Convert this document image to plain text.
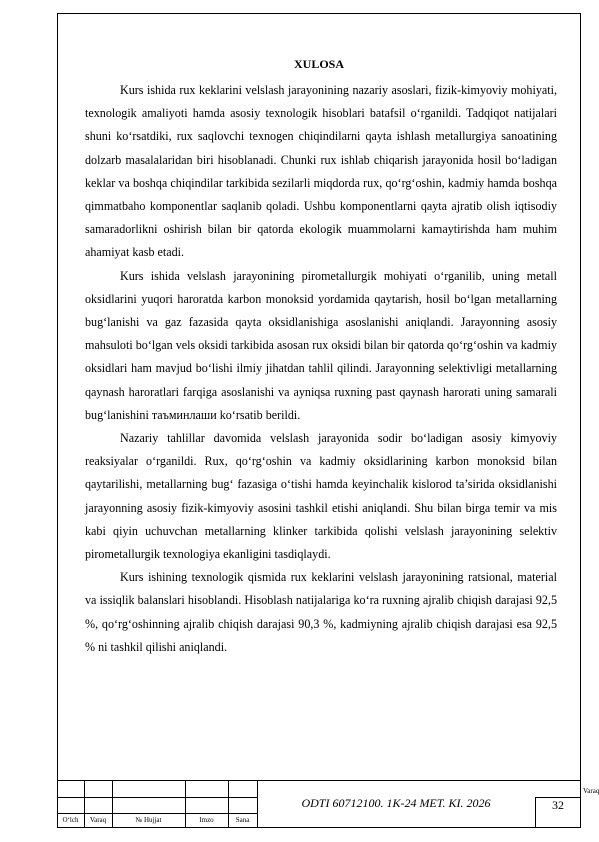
XULOSA

Kurs ishida rux keklarini velslash jarayonining nazariy asoslari, fizik-kimyoviy mohiyati, texnologik amaliyoti hamda asosiy texnologik hisoblari batafsil o‘rganildi. Tadqiqot natijalari shuni ko‘rsatdiki, rux saqlovchi texnogen chiqindilarni qayta ishlash metallurgiya sanoatining dolzarb masalalaridan biri hisoblanadi. Chunki rux ishlab chiqarish jarayonida hosil bo‘ladigan keklar va boshqa chiqindilar tarkibida sezilarli miqdorda rux, qo‘rg‘oshin, kadmiy hamda boshqa qimmatbaho komponentlar saqlanib qoladi. Ushbu komponentlarni qayta ajratib olish iqtisodiy samaradorlikni oshirish bilan bir qatorda ekologik muammolarni kamaytirishda ham muhim ahamiyat kasb etadi.

Kurs ishida velslash jarayonining pirometallurgik mohiyati o‘rganilib, uning metall oksidlarini yuqori haroratda karbon monoksid yordamida qaytarish, hosil bo‘lgan metallarning bug‘lanishi va gaz fazasida qayta oksidlanishiga asoslanishi aniqlandi. Jarayonning asosiy mahsuloti bo‘lgan vels oksidi tarkibida asosan rux oksidi bilan bir qatorda qo‘rg‘oshin va kadmiy oksidlari ham mavjud bo‘lishi ilmiy jihatdan tahlil qilindi. Jarayonning selektivligi metallarning qaynash haroratlari farqiga asoslanishi va ayniqsa ruxning past qaynash harorati uning samarali bug‘lanishini таъминлаши ko‘rsatib berildi.

Nazariy tahlillar davomida velslash jarayonida sodir bo‘ladigan asosiy kimyoviy reaksiyalar o‘rganildi. Rux, qo‘rg‘oshin va kadmiy oksidlarining karbon monoksid bilan qaytarilishi, metallarning bug‘ fazasiga o‘tishi hamda keyinchalik kislorod ta’sirida oksidlanishi jarayonning asosiy fizik-kimyoviy asosini tashkil etishi aniqlandi. Shu bilan birga temir va mis kabi qiyin uchuvchan metallarning klinker tarkibida qolishi velslash jarayonining selektiv pirometallurgik texnologiya ekanligini tasdiqlaydi.

Kurs ishining texnologik qismida rux keklarini velslash jarayonining ratsional, material va issiqlik balanslari hisoblandi. Hisoblash natijalariga ko‘ra ruxning ajralib chiqish darajasi 92,5 %, qo‘rg‘oshinning ajralib chiqish darajasi 90,3 %, kadmiyning ajralib chiqish darajasi esa 92,5 % ni tashkil qilishi aniqlandi.

O‘lch	Varaq	№ Hujjat	Imzo	Sana
ODTI 60712100. 1K-24 MET. KI. 2026
Varaq
32
